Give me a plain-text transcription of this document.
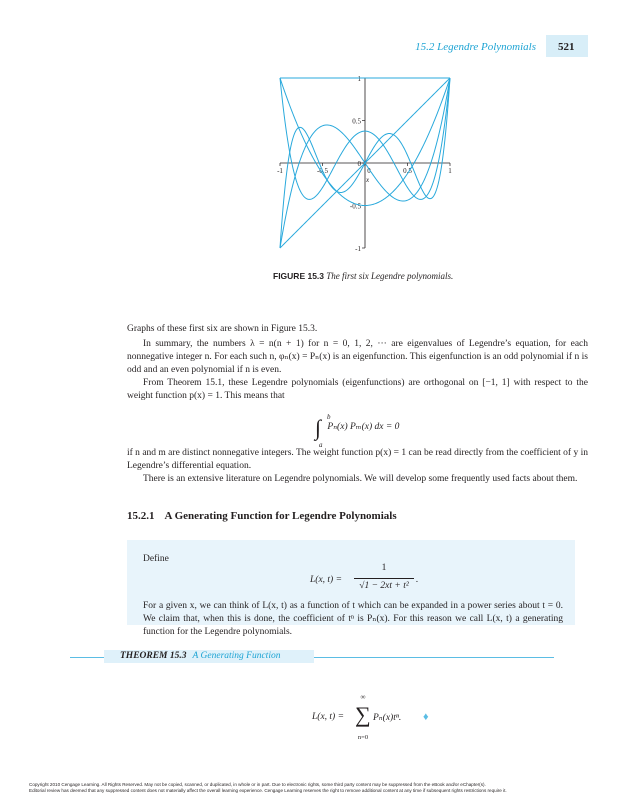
15.2 Legendre Polynomials 521
-1	-0.5	0	0.5	1
1
0.5
0
-0.5
-1
x
FIGURE 15.3 The first six Legendre polynomials.
Graphs of these first six are shown in Figure 15.3.
In summary, the numbers λ = n(n + 1) for n = 0, 1, 2, ··· are eigenvalues of Legendre’s equation, for each nonnegative integer n. For each such n, φₙ(x) = Pₙ(x) is an eigenfunction. This eigenfunction is an odd polynomial if n is odd and an even polynomial if n is even.
From Theorem 15.1, these Legendre polynomials (eigenfunctions) are orthogonal on [−1, 1] with respect to the weight function p(x) = 1. This means that
∫ b
a
Pₙ(x) Pₘ(x) dx = 0
if n and m are distinct nonnegative integers. The weight function p(x) = 1 can be read directly from the coefficient of y in Legendre’s differential equation.
There is an extensive literature on Legendre polynomials. We will develop some frequently used facts about them.
15.2.1 A Generating Function for Legendre Polynomials
Define
L(x, t) =
1
√1 − 2xt + t²
.
For a given x, we can think of L(x, t) as a function of t which can be expanded in a power series about t = 0. We claim that, when this is done, the coefficient of tⁿ is Pₙ(x). For this reason we call L(x, t) a generating function for the Legendre polynomials.
THEOREM 15.3 A Generating Function
L(x, t) =
∞
∑
n=0
Pₙ(x)tⁿ. ♦
Copyright 2010 Cengage Learning. All Rights Reserved. May not be copied, scanned, or duplicated, in whole or in part. Due to electronic rights, some third party content may be suppressed from the eBook and/or eChapter(s).
Editorial review has deemed that any suppressed content does not materially affect the overall learning experience. Cengage Learning reserves the right to remove additional content at any time if subsequent rights restrictions require it.
